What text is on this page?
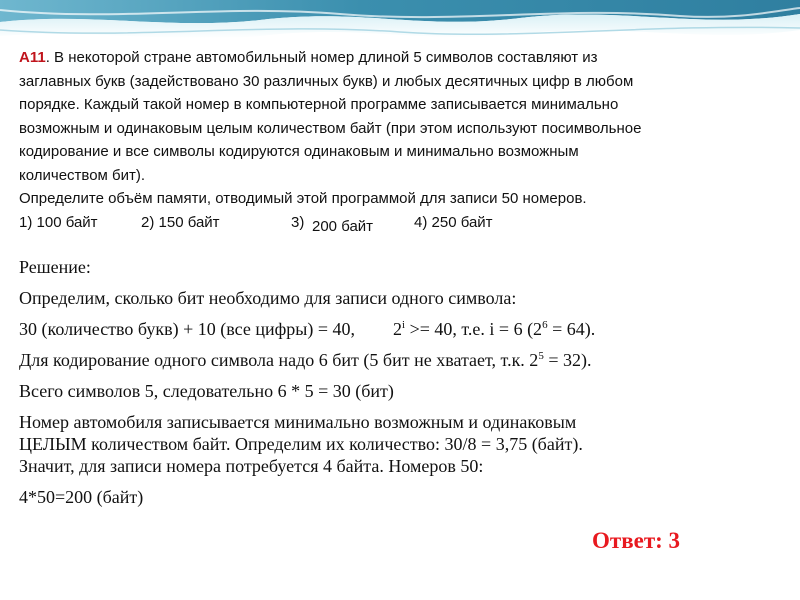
А11. В некоторой стране автомобильный номер длиной 5 символов составляют из
заглавных букв (задействовано 30 различных букв) и любых десятичных цифр в любом
порядке. Каждый такой номер в компьютерной программе записывается минимально
возможным и одинаковым целым количеством байт (при этом используют посимвольное
кодирование и все символы кодируются одинаковым и минимально возможным
количеством бит).
Определите объём памяти, отводимый этой программой для записи 50 номеров.
1) 100 байт	2) 150 байт	3) 200 байт	4) 250 байт
Решение:
Определим, сколько бит необходимо для записи одного символа:
30 (количество букв) + 10 (все цифры) = 40, $2^i >= 40$, т.е. i = 6 $(2^6 = 64)$.
Для кодирование одного символа надо 6 бит (5 бит не хватает, т.к. $2^5 = 32$).
Всего символов 5, следовательно 6 * 5 = 30 (бит)
Номер автомобиля записывается минимально возможным и одинаковым
ЦЕЛЫМ количеством байт. Определим их количество: 30/8 = 3,75 (байт).
Значит, для записи номера потребуется 4 байта. Номеров 50:
4*50=200 (байт)
Ответ: 3
